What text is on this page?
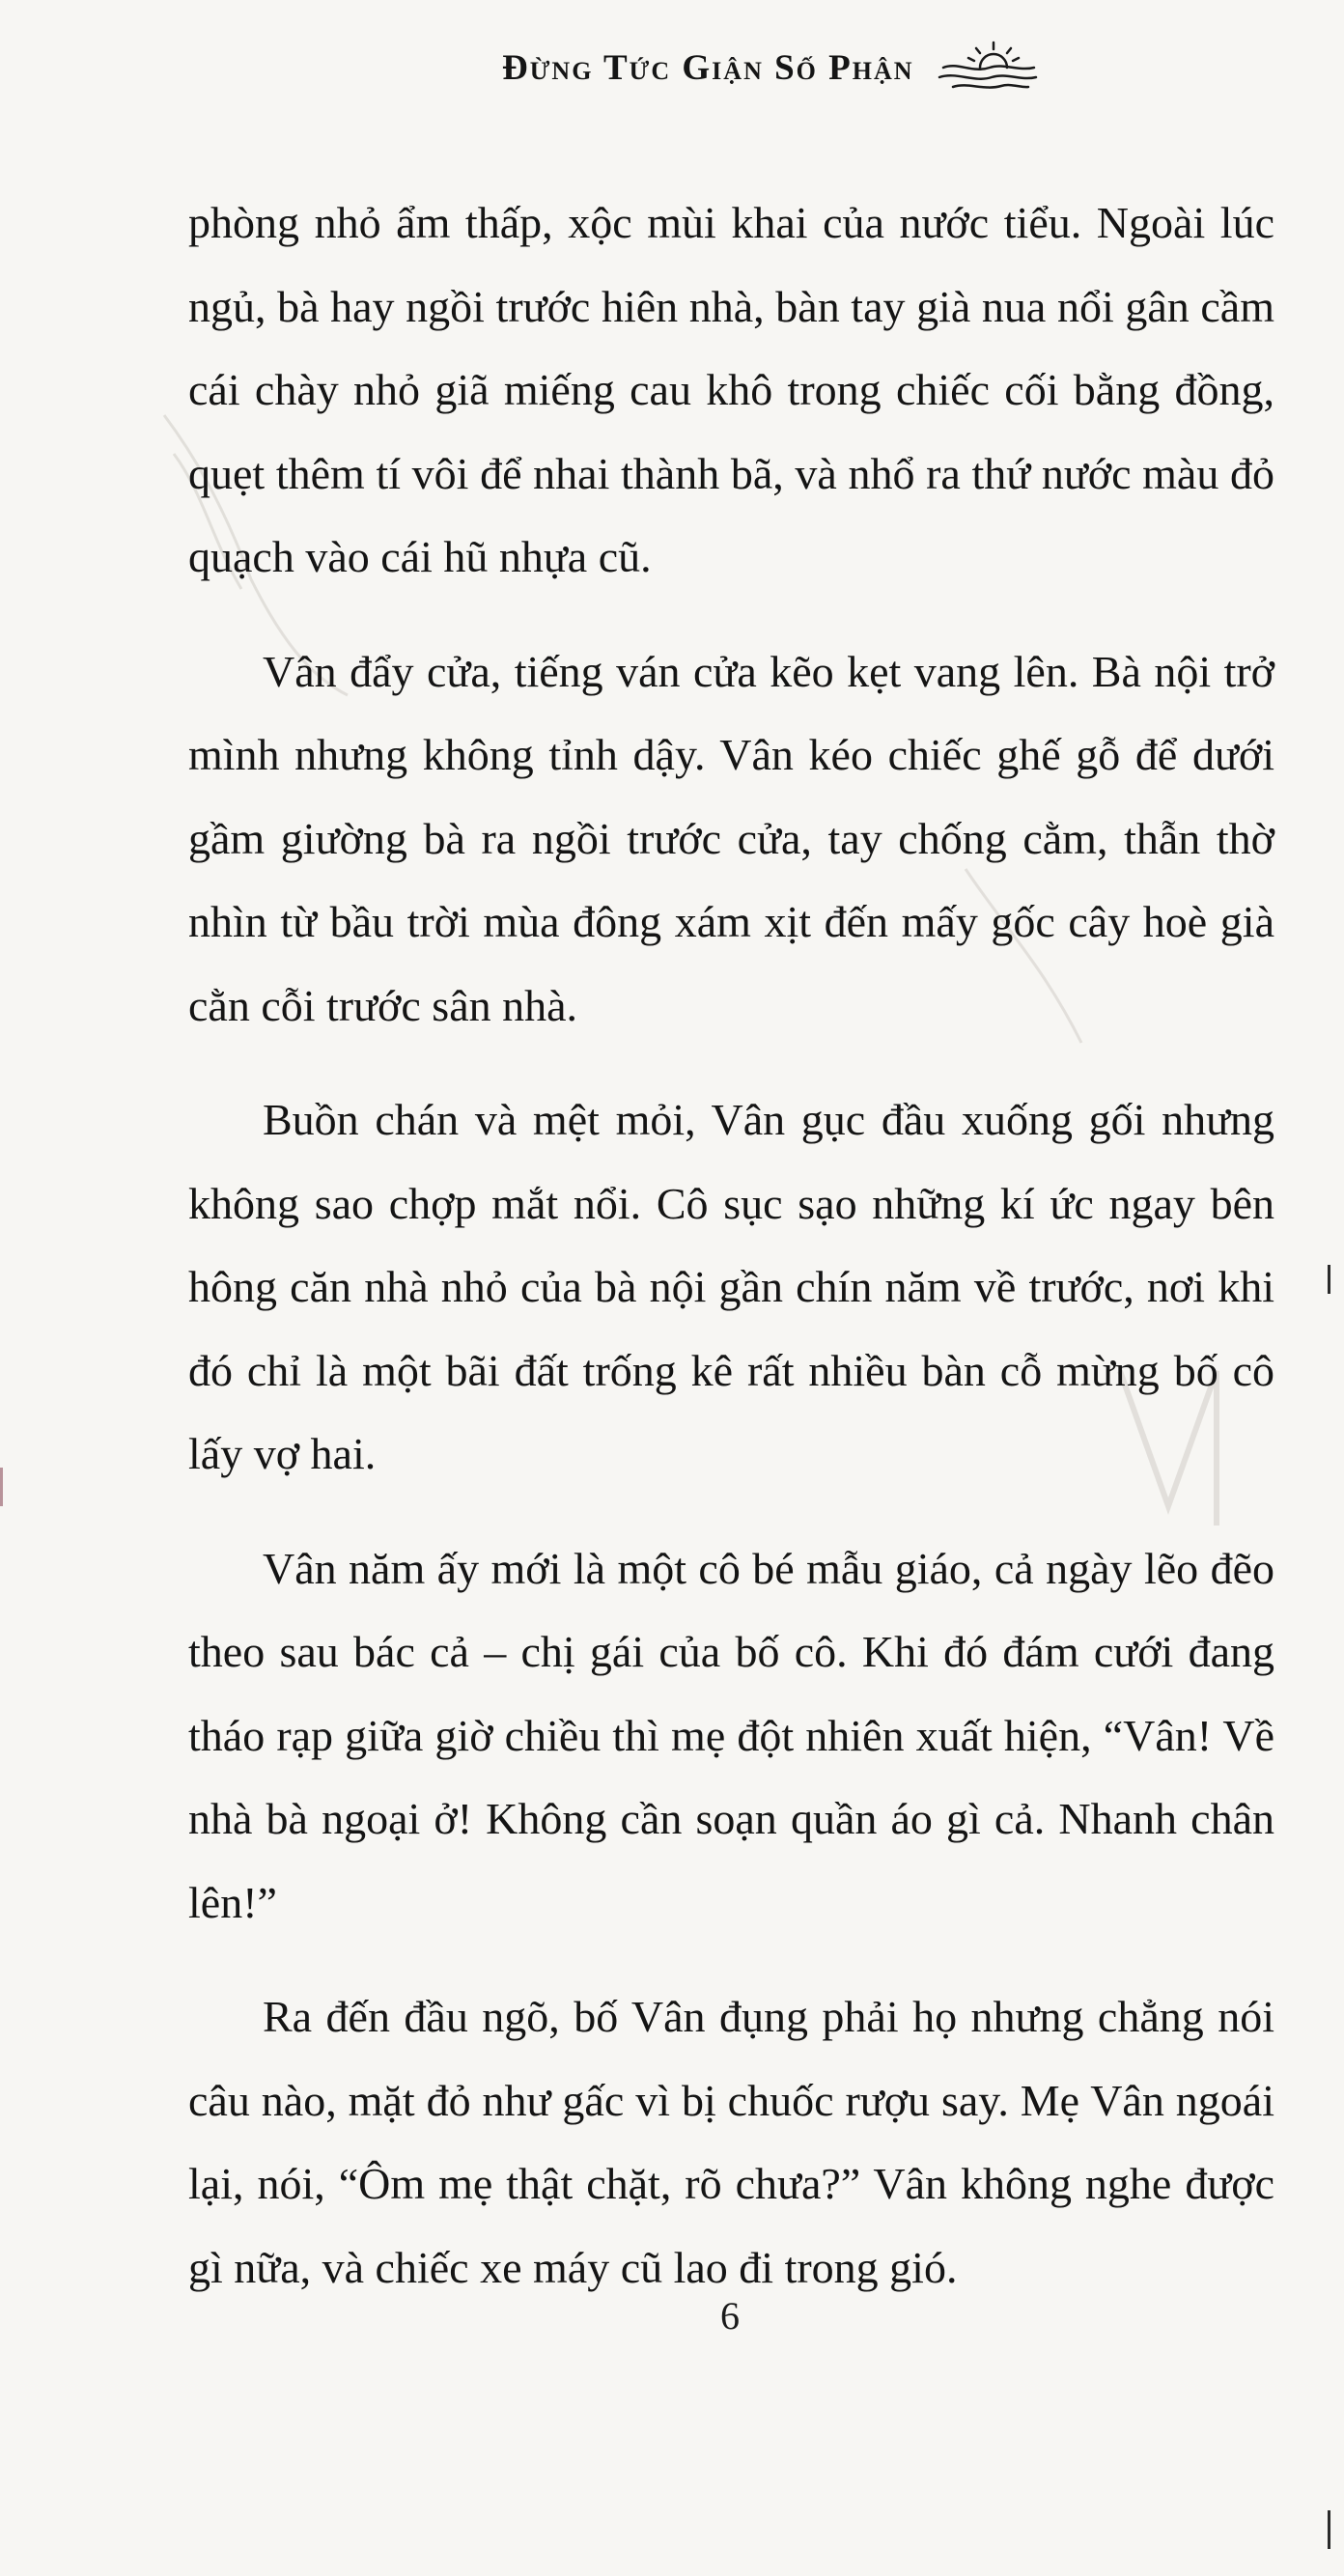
Đừng Tức Giận Số Phận

phòng nhỏ ẩm thấp, xộc mùi khai của nước tiểu. Ngoài lúc ngủ, bà hay ngồi trước hiên nhà, bàn tay già nua nổi gân cầm cái chày nhỏ giã miếng cau khô trong chiếc cối bằng đồng, quẹt thêm tí vôi để nhai thành bã, và nhổ ra thứ nước màu đỏ quạch vào cái hũ nhựa cũ.

Vân đẩy cửa, tiếng ván cửa kẽo kẹt vang lên. Bà nội trở mình nhưng không tỉnh dậy. Vân kéo chiếc ghế gỗ để dưới gầm giường bà ra ngồi trước cửa, tay chống cằm, thẫn thờ nhìn từ bầu trời mùa đông xám xịt đến mấy gốc cây hoè già cằn cỗi trước sân nhà.

Buồn chán và mệt mỏi, Vân gục đầu xuống gối nhưng không sao chợp mắt nổi. Cô sục sạo những kí ức ngay bên hông căn nhà nhỏ của bà nội gần chín năm về trước, nơi khi đó chỉ là một bãi đất trống kê rất nhiều bàn cỗ mừng bố cô lấy vợ hai.

Vân năm ấy mới là một cô bé mẫu giáo, cả ngày lẽo đẽo theo sau bác cả – chị gái của bố cô. Khi đó đám cưới đang tháo rạp giữa giờ chiều thì mẹ đột nhiên xuất hiện, “Vân! Về nhà bà ngoại ở! Không cần soạn quần áo gì cả. Nhanh chân lên!”

Ra đến đầu ngõ, bố Vân đụng phải họ nhưng chẳng nói câu nào, mặt đỏ như gấc vì bị chuốc rượu say. Mẹ Vân ngoái lại, nói, “Ôm mẹ thật chặt, rõ chưa?” Vân không nghe được gì nữa, và chiếc xe máy cũ lao đi trong gió.

6
